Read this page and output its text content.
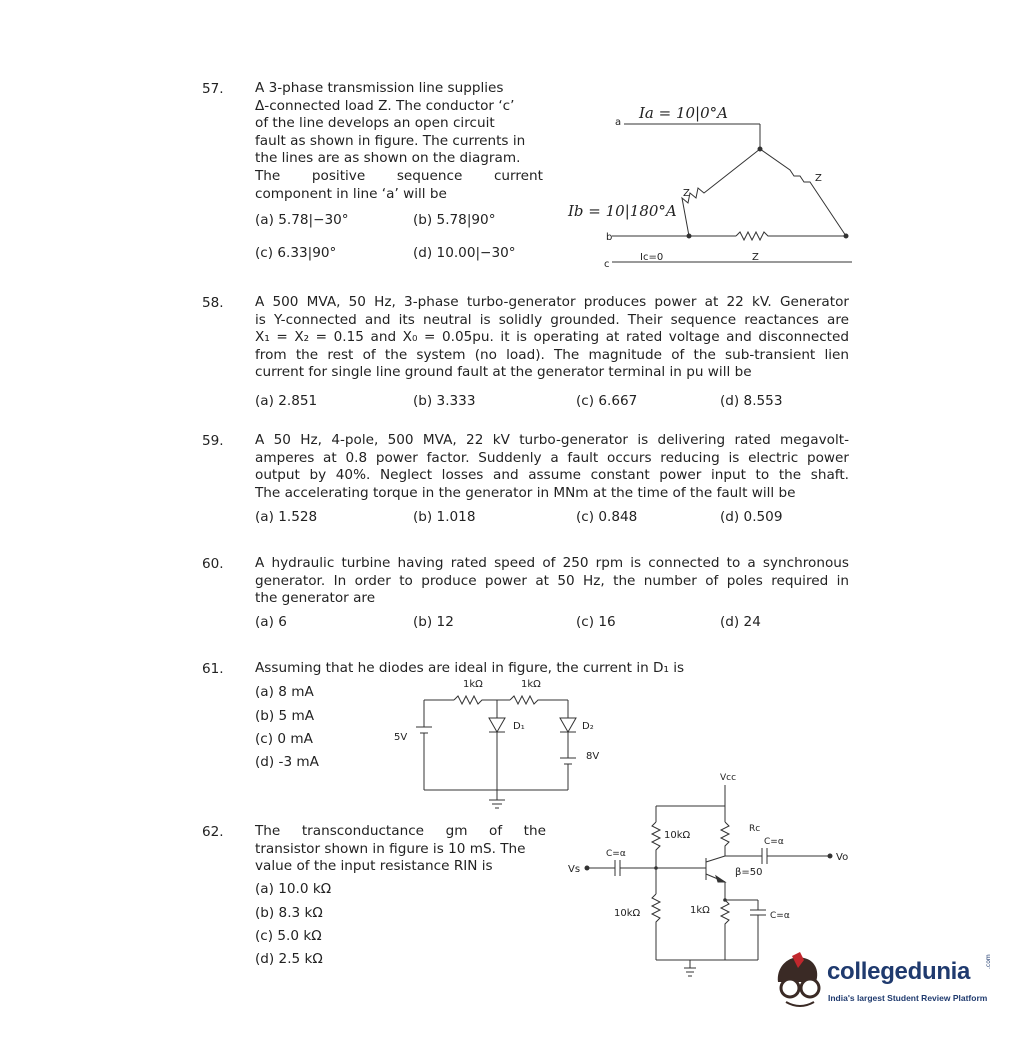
57. A 3-phase transmission line supplies
Δ-connected load Z. The conductor ‘c’
of the line develops an open circuit
fault as shown in figure. The currents in
the lines are as shown on the diagram.
The positive sequence current
component in line ‘a’ will be
(a) 5.78|−30°	(b) 5.78|90°
(c) 6.33|90°	(d) 10.00|−30°
58. A 500 MVA, 50 Hz, 3-phase turbo-generator produces power at 22 kV. Generator
is Y-connected and its neutral is solidly grounded. Their sequence reactances are
X₁ = X₂ = 0.15 and X₀ = 0.05pu. it is operating at rated voltage and disconnected
from the rest of the system (no load). The magnitude of the sub-transient lien
current for single line ground fault at the generator terminal in pu will be
(a) 2.851	(b) 3.333	(c) 6.667	(d) 8.553
59. A 50 Hz, 4-pole, 500 MVA, 22 kV turbo-generator is delivering rated megavolt-
amperes at 0.8 power factor. Suddenly a fault occurs reducing is electric power
output by 40%. Neglect losses and assume constant power input to the shaft.
The accelerating torque in the generator in MNm at the time of the fault will be
(a) 1.528	(b) 1.018	(c) 0.848	(d) 0.509
60. A hydraulic turbine having rated speed of 250 rpm is connected to a synchronous
generator. In order to produce power at 50 Hz, the number of poles required in
the generator are
(a) 6	(b) 12	(c) 16	(d) 24
61. Assuming that he diodes are ideal in figure, the current in D₁ is
(a) 8 mA
(b) 5 mA
(c) 0 mA
(d) -3 mA
62. The transconductance gm of the
transistor shown in figure is 10 mS. The
value of the input resistance RIN is
(a) 10.0 kΩ
(b) 8.3 kΩ
(c) 5.0 kΩ
(d) 2.5 kΩ
a
b
c
Ia = 10|0°A
Ib = 10|180°A
Ic=0
Z
Z
Z
1kΩ	1kΩ
5V
D₁	D₂
8V
Vcc
10kΩ
10kΩ	1kΩ
Rc
C=α
C=α
C=α
β=50
Vs
Vo
collegedunia
India's largest Student Review Platform
.com
